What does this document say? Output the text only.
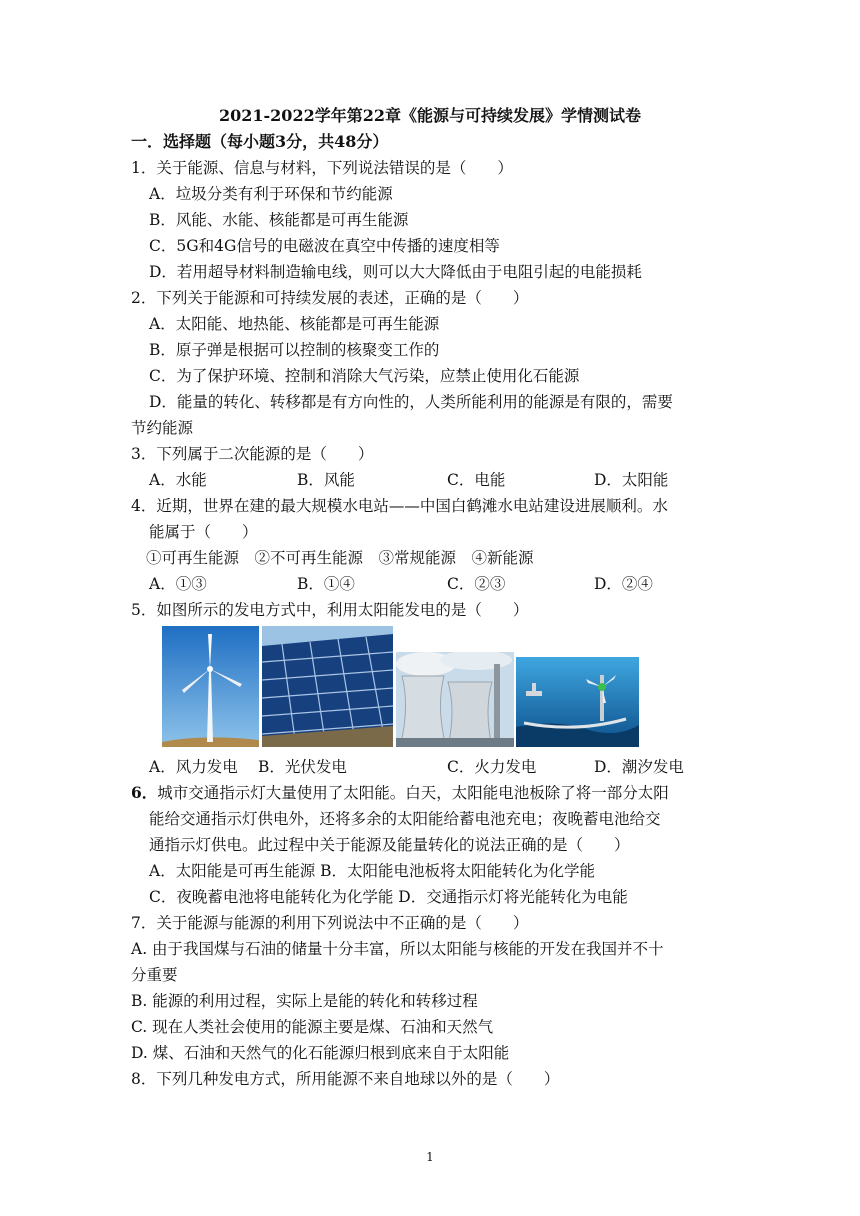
2021-2022学年第22章《能源与可持续发展》学情测试卷
一．选择题（每小题3分，共48分）
1．关于能源、信息与材料，下列说法错误的是（　　）
A．垃圾分类有利于环保和节约能源
B．风能、水能、核能都是可再生能源
C．5G和4G信号的电磁波在真空中传播的速度相等
D．若用超导材料制造输电线，则可以大大降低由于电阻引起的电能损耗
2．下列关于能源和可持续发展的表述，正确的是（　　）
A．太阳能、地热能、核能都是可再生能源
B．原子弹是根据可以控制的核聚变工作的
C．为了保护环境、控制和消除大气污染，应禁止使用化石能源
D．能量的转化、转移都是有方向性的，人类所能利用的能源是有限的，需要
节约能源
3．下列属于二次能源的是（　　）
A．水能	B．风能	C．电能	D．太阳能
4．近期，世界在建的最大规模水电站——中国白鹤滩水电站建设进展顺利。水
能属于（　　）
①可再生能源　②不可再生能源　③常规能源　④新能源
A．①③	B．①④	C．②③	D．②④
5．如图所示的发电方式中，利用太阳能发电的是（　　）
A．风力发电 B．光伏发电	C．火力发电	D．潮汐发电
6．城市交通指示灯大量使用了太阳能。白天，太阳能电池板除了将一部分太阳
能给交通指示灯供电外，还将多余的太阳能给蓄电池充电；夜晚蓄电池给交
通指示灯供电。此过程中关于能源及能量转化的说法正确的是（　　）
A．太阳能是可再生能源 B．太阳能电池板将太阳能转化为化学能
C．夜晚蓄电池将电能转化为化学能 D．交通指示灯将光能转化为电能
7．关于能源与能源的利用下列说法中不正确的是（　　）
A. 由于我国煤与石油的储量十分丰富，所以太阳能与核能的开发在我国并不十
分重要
B. 能源的利用过程，实际上是能的转化和转移过程
C. 现在人类社会使用的能源主要是煤、石油和天然气
D. 煤、石油和天然气的化石能源归根到底来自于太阳能
8．下列几种发电方式，所用能源不来自地球以外的是（　　）
1
